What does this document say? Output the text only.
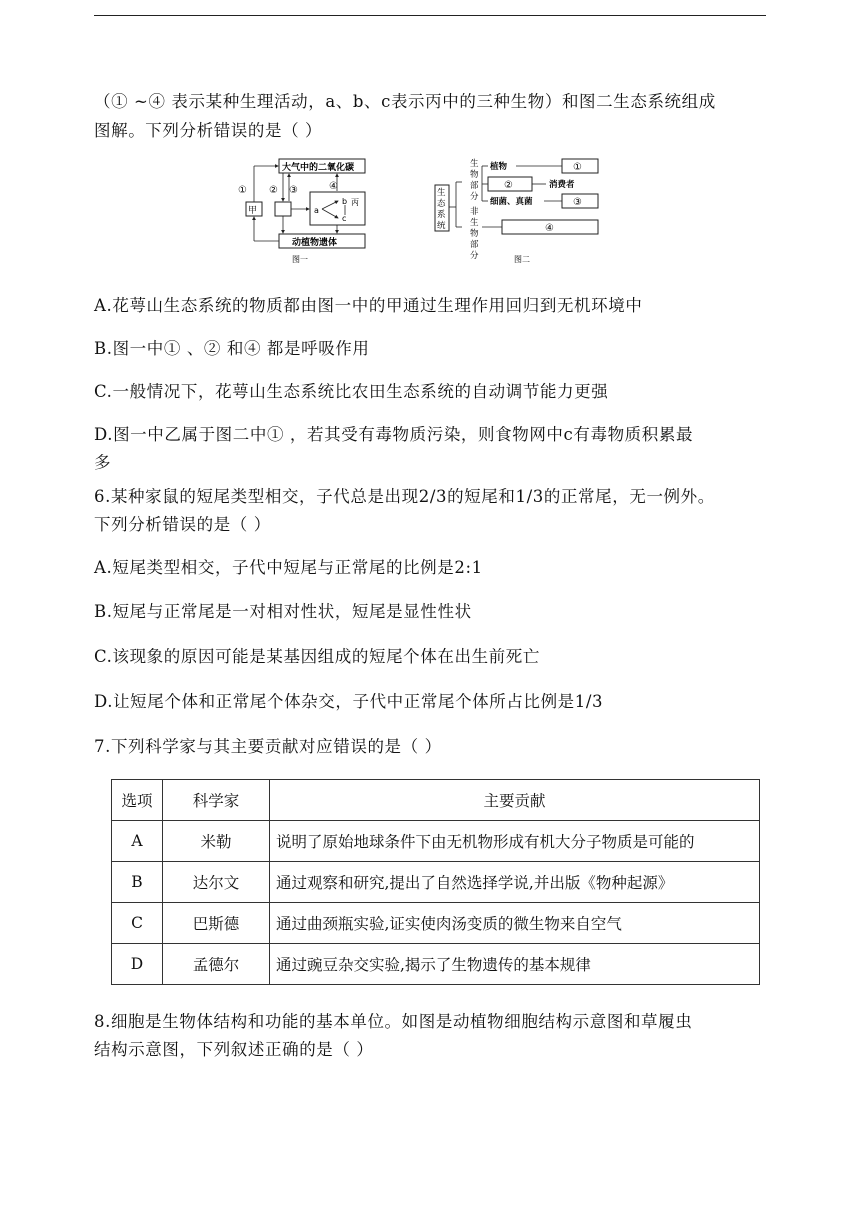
（① ~④ 表示某种生理活动，a、b、c表示丙中的三种生物）和图二生态系统组成
图解。下列分析错误的是（ ）
大气中的二氧化碳
甲	a
b
c
丙
① ② ③	④
动植物遗体
图一
生
态
系
统
生
物
部
分
非
生
物
部
分
植物	①
②	消费者
细菌、真菌	③
④
图二
A.花萼山生态系统的物质都由图一中的甲通过生理作用回归到无机环境中
B.图一中① 、② 和④ 都是呼吸作用
C.一般情况下，花萼山生态系统比农田生态系统的自动调节能力更强
D.图一中乙属于图二中① ，若其受有毒物质污染，则食物网中c有毒物质积累最
多
6.某种家鼠的短尾类型相交，子代总是出现2/3的短尾和1/3的正常尾，无一例外。
下列分析错误的是（ ）
A.短尾类型相交，子代中短尾与正常尾的比例是2:1
B.短尾与正常尾是一对相对性状，短尾是显性性状
C.该现象的原因可能是某基因组成的短尾个体在出生前死亡
D.让短尾个体和正常尾个体杂交，子代中正常尾个体所占比例是1/3
7.下列科学家与其主要贡献对应错误的是（ ）
选项	科学家	主要贡献
A	米勒	说明了原始地球条件下由无机物形成有机大分子物质是可能的
B	达尔文	通过观察和研究,提出了自然选择学说,并出版《物种起源》
C	巴斯德	通过曲颈瓶实验,证实使肉汤变质的微生物来自空气
D	孟德尔	通过豌豆杂交实验,揭示了生物遗传的基本规律
8.细胞是生物体结构和功能的基本单位。如图是动植物细胞结构示意图和草履虫
结构示意图，下列叙述正确的是（ ）
